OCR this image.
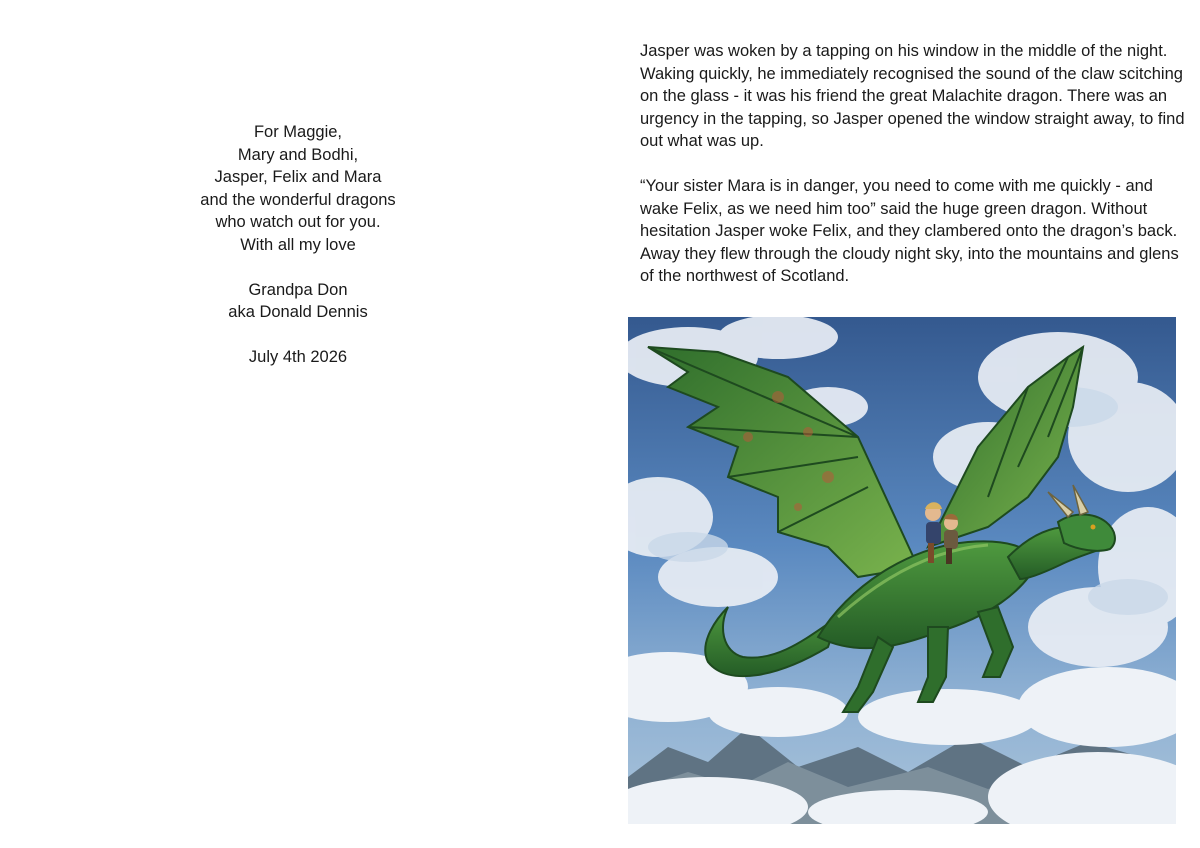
For Maggie,
Mary and Bodhi,
Jasper, Felix and Mara
and the wonderful dragons
who watch out for you.
With all my love
Grandpa Don
aka Donald Dennis
July 4th 2026

Jasper was woken by a tapping on his window in the middle of the night. Waking quickly, he immediately recognised the sound of the claw scitching on the glass - it was his friend the great Malachite dragon. There was an urgency in the tapping, so Jasper opened the window straight away, to find out what was up.

“Your sister Mara is in danger, you need to come with me quickly - and wake Felix, as we need him too” said the huge green dragon. Without hesitation Jasper woke Felix, and they clambered onto the dragon’s back. Away they flew through the cloudy night sky, into the mountains and glens of the northwest of Scotland.
